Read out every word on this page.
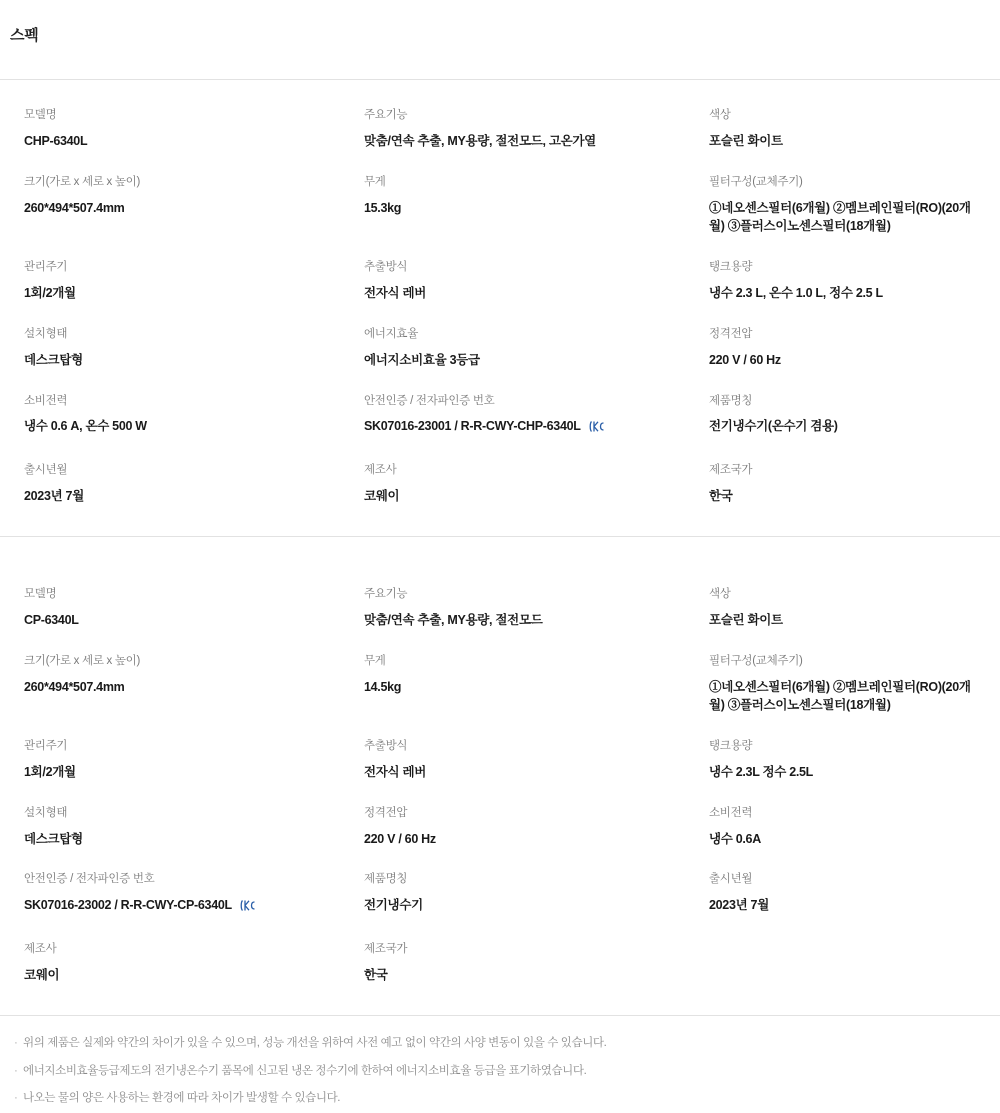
스펙
모델명
CHP-6340L
주요기능
맞춤/연속 추출, MY용량, 절전모드, 고온가열
색상
포슬린 화이트
크기(가로 x 세로 x 높이)
260*494*507.4mm
무게
15.3kg
필터구성(교체주기)
①네오센스필터(6개월) ②멤브레인필터(RO)(20개월) ③플러스이노센스필터(18개월)
관리주기
1회/2개월
추출방식
전자식 레버
탱크용량
냉수 2.3 L, 온수 1.0 L, 정수 2.5 L
설치형태
데스크탑형
에너지효율
에너지소비효율 3등급
정격전압
220 V / 60 Hz
소비전력
냉수 0.6 A, 온수 500 W
안전인증 / 전자파인증 번호
SK07016-23001 / R-R-CWY-CHP-6340L
제품명칭
전기냉수기(온수기 겸용)
출시년월
2023년 7월
제조사
코웨이
제조국가
한국
모델명
CP-6340L
주요기능
맞춤/연속 추출, MY용량, 절전모드
색상
포슬린 화이트
크기(가로 x 세로 x 높이)
260*494*507.4mm
무게
14.5kg
필터구성(교체주기)
①네오센스필터(6개월) ②멤브레인필터(RO)(20개월) ③플러스이노센스필터(18개월)
관리주기
1회/2개월
추출방식
전자식 레버
탱크용량
냉수 2.3L 정수 2.5L
설치형태
데스크탑형
정격전압
220 V / 60 Hz
소비전력
냉수 0.6A
안전인증 / 전자파인증 번호
SK07016-23002 / R-R-CWY-CP-6340L
제품명칭
전기냉수기
출시년월
2023년 7월
제조사
코웨이
제조국가
한국
· 위의 제품은 실제와 약간의 차이가 있을 수 있으며, 성능 개선을 위하여 사전 예고 없이 약간의 사양 변동이 있을 수 있습니다.
· 에너지소비효율등급제도의 전기냉온수기 품목에 신고된 냉온 정수기에 한하여 에너지소비효율 등급을 표기하였습니다.
· 나오는 물의 양은 사용하는 환경에 따라 차이가 발생할 수 있습니다.
